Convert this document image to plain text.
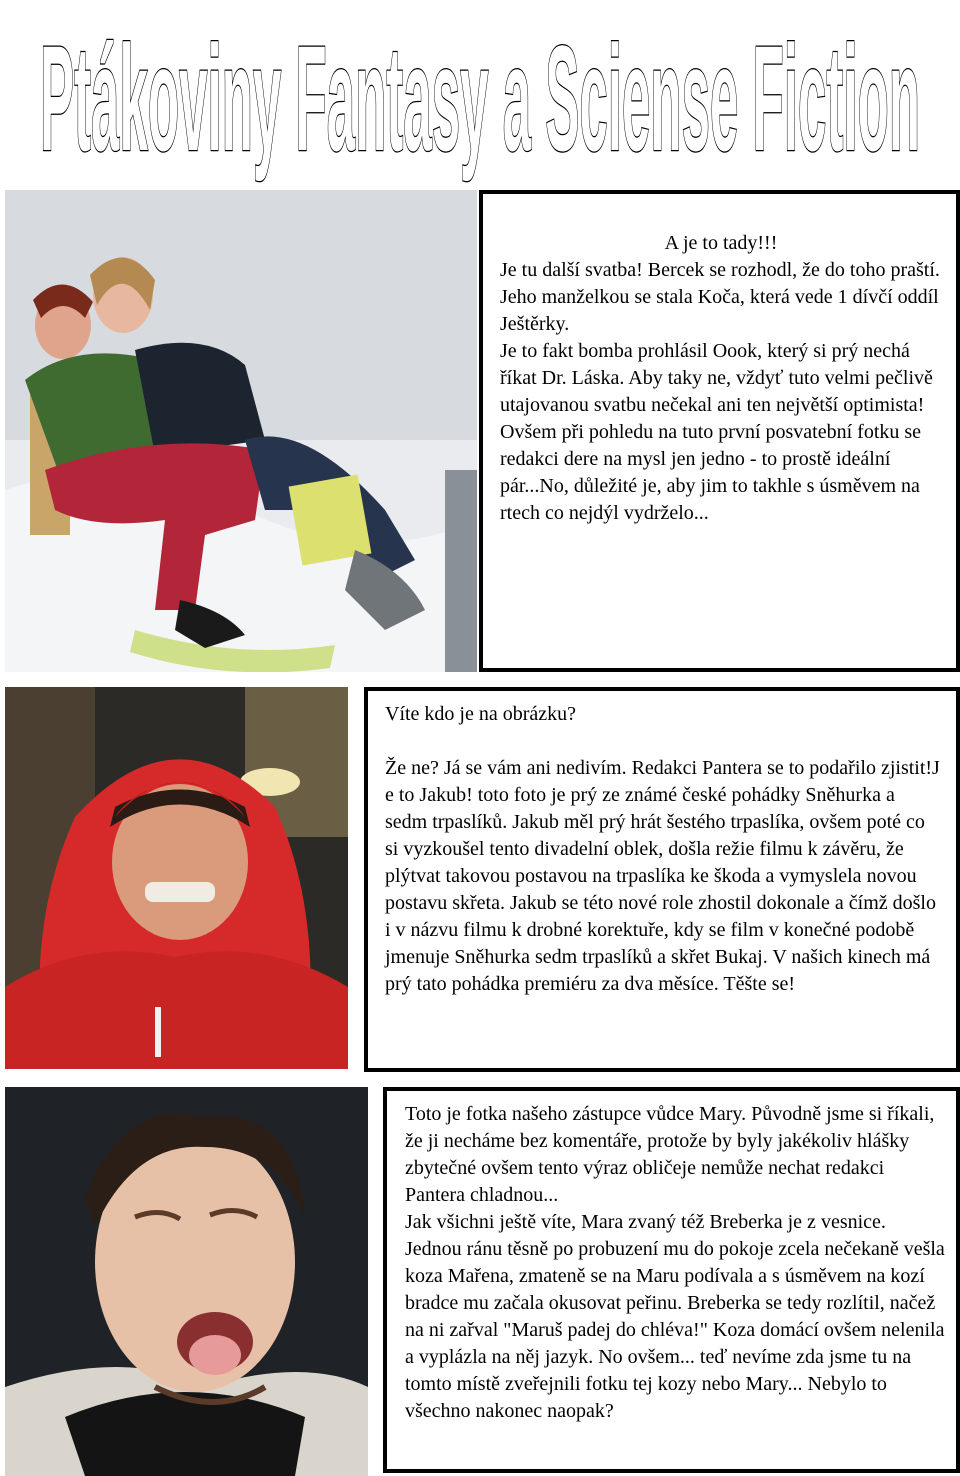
Ptákoviny Fantasy a Sciense Fiction

A je to tady!!!

Je tu další svatba! Bercek se rozhodl, že do toho praští. Jeho manželkou se stala Koča, která vede 1 dívčí oddíl Ještěrky.

Je to fakt bomba prohlásil Oook, který si prý nechá říkat Dr. Láska. Aby taky ne, vždyť tuto velmi pečlivě utajovanou svatbu nečekal ani ten největší optimista!

Ovšem při pohledu na tuto první posvatební fotku se redakci dere na mysl jen jedno - to prostě ideální pár...No, důležité je, aby jim to takhle s úsměvem na rtech co nejdýl vydrželo...

Víte kdo je na obrázku?

Že ne? Já se vám ani nedivím. Redakci Pantera se to podařilo zjistit!J e to Jakub! toto foto je prý ze známé české pohádky Sněhurka a sedm trpaslíků. Jakub měl prý hrát šestého trpaslíka, ovšem poté co si vyzkoušel tento divadelní oblek, došla režie filmu k závěru, že plýtvat takovou postavou na trpaslíka ke škoda a vymyslela novou postavu skřeta. Jakub se této nové role zhostil dokonale a čímž došlo i v názvu filmu k drobné korektuře, kdy se film v konečné podobě jmenuje Sněhurka sedm trpaslíků a skřet Bukaj. V našich kinech má prý tato pohádka premiéru za dva měsíce. Těšte se!

Toto je fotka našeho zástupce vůdce Mary. Původně jsme si říkali, že ji necháme bez komentáře, protože by byly jakékoliv hlášky zbytečné ovšem tento výraz obličeje nemůže nechat redakci Pantera chladnou...

Jak všichni ještě víte, Mara zvaný též Breberka je z vesnice. Jednou ránu těsně po probuzení mu do pokoje zcela nečekaně vešla koza Mařena, zmateně se na Maru podívala a s úsměvem na kozí bradce mu začala okusovat peřinu. Breberka se tedy rozlítil, načež na ni zařval "Maruš padej do chléva!" Koza domácí ovšem nelenila a vyplázla na něj jazyk. No ovšem... teď nevíme zda jsme tu na tomto místě zveřejnili fotku tej kozy nebo Mary... Nebylo to všechno nakonec naopak?
